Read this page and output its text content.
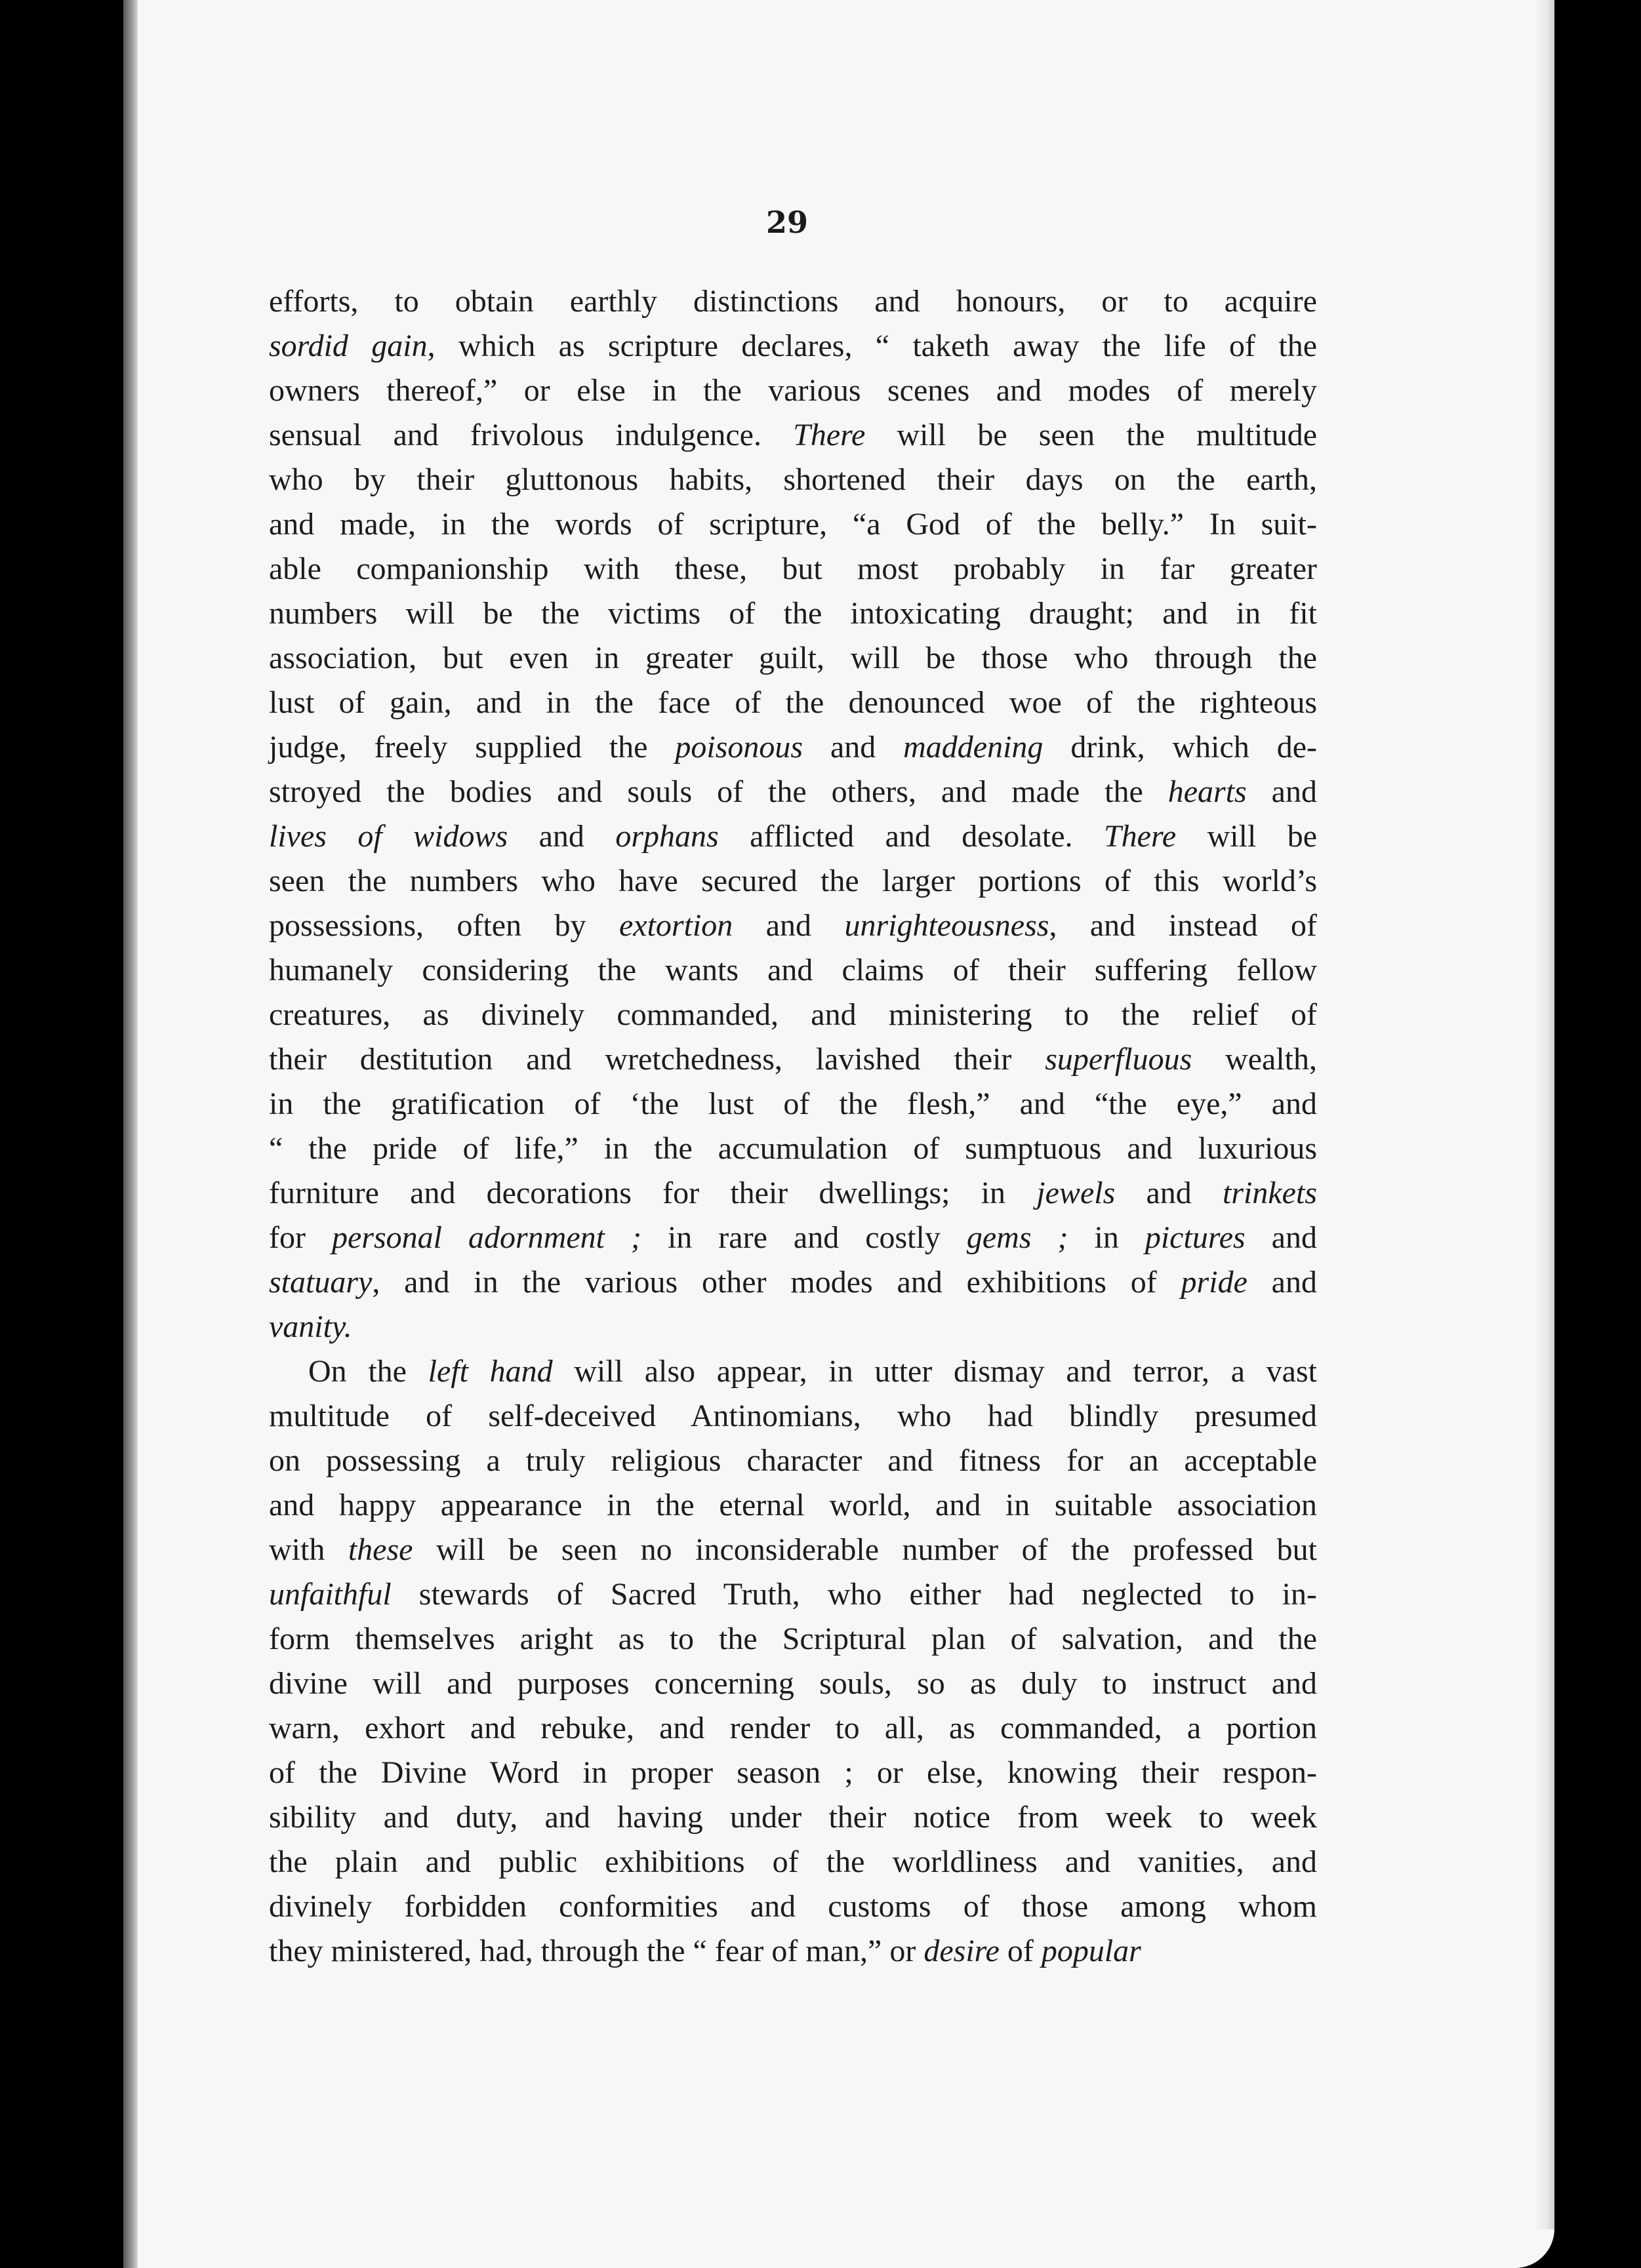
29
efforts, to obtain earthly distinctions and honours, or to acquire
sordid gain, which as scripture declares, “ taketh away the life of the
owners thereof,” or else in the various scenes and modes of merely
sensual and frivolous indulgence. There will be seen the multitude
who by their gluttonous habits, shortened their days on the earth,
and made, in the words of scripture, “a God of the belly.” In suit-
able companionship with these, but most probably in far greater
numbers will be the victims of the intoxicating draught; and in fit
association, but even in greater guilt, will be those who through the
lust of gain, and in the face of the denounced woe of the righteous
judge, freely supplied the poisonous and maddening drink, which de-
stroyed the bodies and souls of the others, and made the hearts and
lives of widows and orphans afflicted and desolate. There will be
seen the numbers who have secured the larger portions of this world’s
possessions, often by extortion and unrighteousness, and instead of
humanely considering the wants and claims of their suffering fellow
creatures, as divinely commanded, and ministering to the relief of
their destitution and wretchedness, lavished their superfluous wealth,
in the gratification of ‘the lust of the flesh,” and “the eye,” and
“ the pride of life,” in the accumulation of sumptuous and luxurious
furniture and decorations for their dwellings; in jewels and trinkets
for personal adornment ; in rare and costly gems ; in pictures and
statuary, and in the various other modes and exhibitions of pride and
vanity.
On the left hand will also appear, in utter dismay and terror, a vast
multitude of self-deceived Antinomians, who had blindly presumed
on possessing a truly religious character and fitness for an acceptable
and happy appearance in the eternal world, and in suitable association
with these will be seen no inconsiderable number of the professed but
unfaithful stewards of Sacred Truth, who either had neglected to in-
form themselves aright as to the Scriptural plan of salvation, and the
divine will and purposes concerning souls, so as duly to instruct and
warn, exhort and rebuke, and render to all, as commanded, a portion
of the Divine Word in proper season ; or else, knowing their respon-
sibility and duty, and having under their notice from week to week
the plain and public exhibitions of the worldliness and vanities, and
divinely forbidden conformities and customs of those among whom
they ministered, had, through the “ fear of man,” or desire of popular
